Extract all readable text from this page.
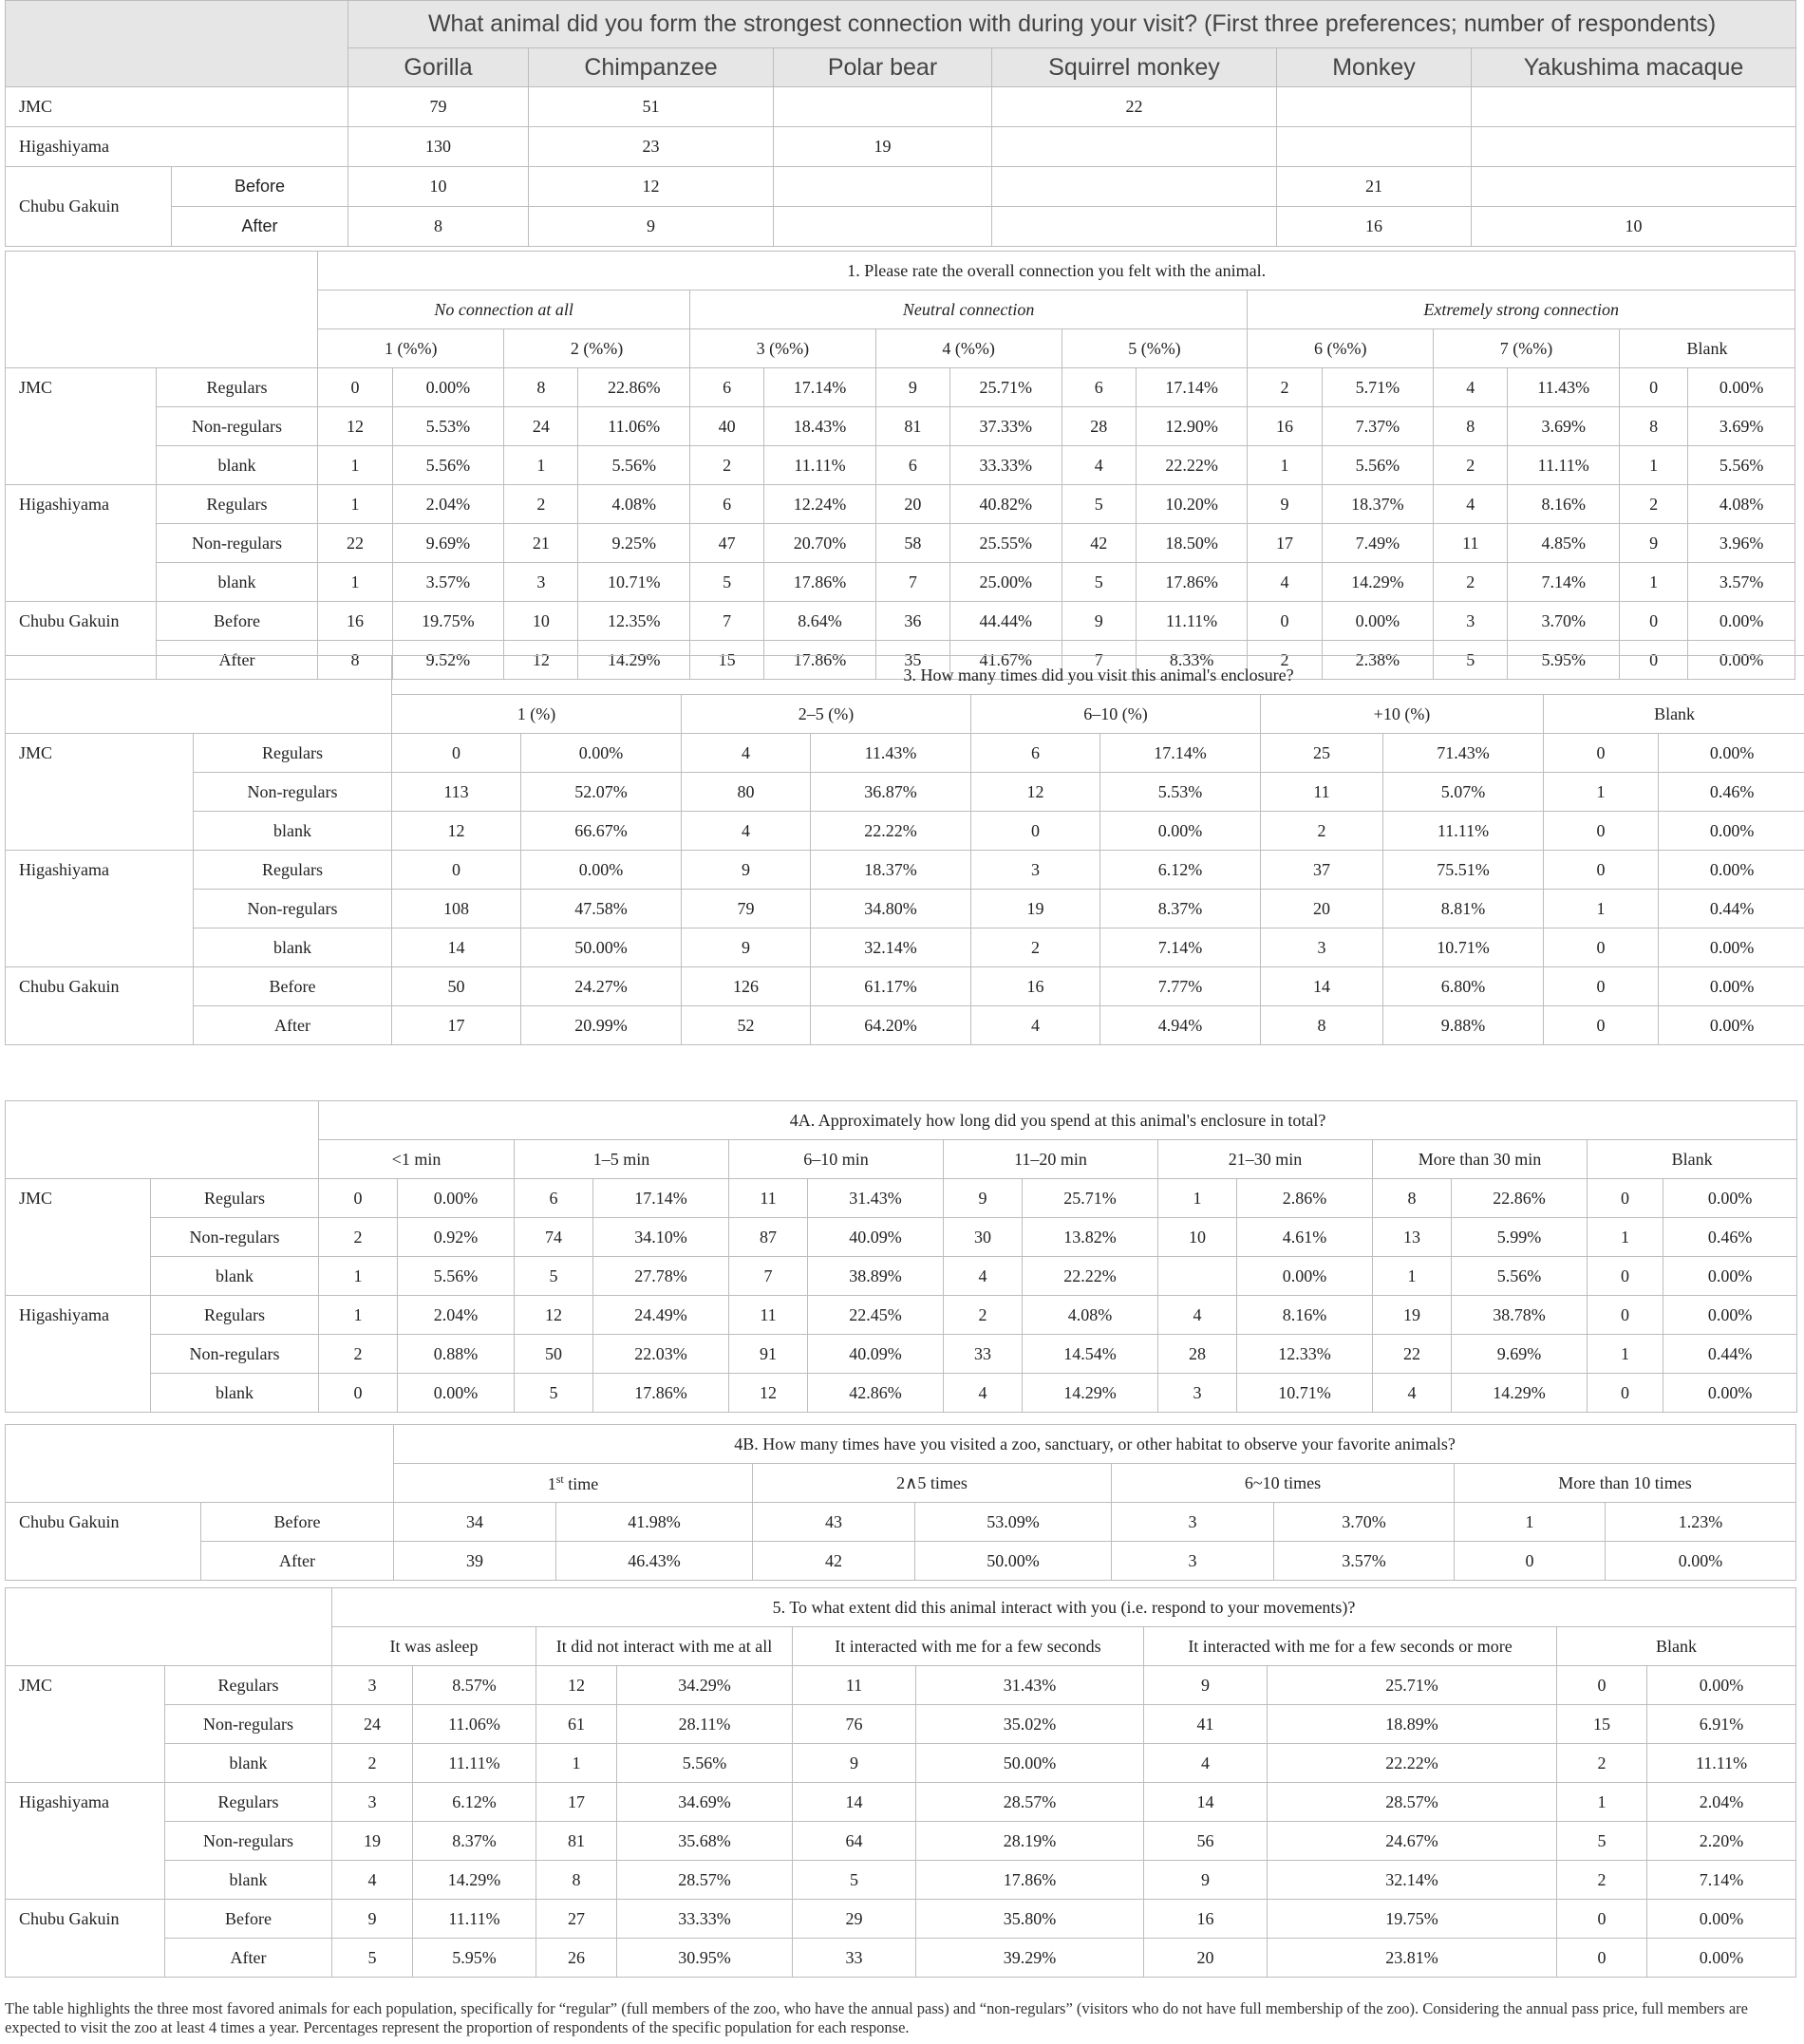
		What animal did you form the strongest connection with during your visit? (First three preferences; number of respondents)					
		Gorilla	Chimpanzee	Polar bear	Squirrel monkey	Monkey	Yakushima macaque
JMC		79	51		22		
Higashiyama		130	23	19			
Chubu Gakuin	Before	10	12			21	
	After	8	9			16	10
		1. Please rate the overall connection you felt with the animal.															
		No connection at all				Neutral connection						Extremely strong connection					
		1 (%%)		2 (%%)		3 (%%)		4 (%%)		5 (%%)		6 (%%)		7 (%%)		Blank	
JMC	Regulars	0	0.00%	8	22.86%	6	17.14%	9	25.71%	6	17.14%	2	5.71%	4	11.43%	0	0.00%
	Non-regulars	12	5.53%	24	11.06%	40	18.43%	81	37.33%	28	12.90%	16	7.37%	8	3.69%	8	3.69%
	blank	1	5.56%	1	5.56%	2	11.11%	6	33.33%	4	22.22%	1	5.56%	2	11.11%	1	5.56%
Higashiyama	Regulars	1	2.04%	2	4.08%	6	12.24%	20	40.82%	5	10.20%	9	18.37%	4	8.16%	2	4.08%
	Non-regulars	22	9.69%	21	9.25%	47	20.70%	58	25.55%	42	18.50%	17	7.49%	11	4.85%	9	3.96%
	blank	1	3.57%	3	10.71%	5	17.86%	7	25.00%	5	17.86%	4	14.29%	2	7.14%	1	3.57%
Chubu Gakuin	Before	16	19.75%	10	12.35%	7	8.64%	36	44.44%	9	11.11%	0	0.00%	3	3.70%	0	0.00%
	After	8	9.52%	12	14.29%	15	17.86%	35	41.67%	7	8.33%	2	2.38%	5	5.95%	0	0.00%
		3. How many times did you visit this animal's enclosure?									
		1 (%)		2–5 (%)		6–10 (%)		+10 (%)		Blank	
JMC	Regulars	0	0.00%	4	11.43%	6	17.14%	25	71.43%	0	0.00%
	Non-regulars	113	52.07%	80	36.87%	12	5.53%	11	5.07%	1	0.46%
	blank	12	66.67%	4	22.22%	0	0.00%	2	11.11%	0	0.00%
Higashiyama	Regulars	0	0.00%	9	18.37%	3	6.12%	37	75.51%	0	0.00%
	Non-regulars	108	47.58%	79	34.80%	19	8.37%	20	8.81%	1	0.44%
	blank	14	50.00%	9	32.14%	2	7.14%	3	10.71%	0	0.00%
Chubu Gakuin	Before	50	24.27%	126	61.17%	16	7.77%	14	6.80%	0	0.00%
	After	17	20.99%	52	64.20%	4	4.94%	8	9.88%	0	0.00%
		4A. Approximately how long did you spend at this animal's enclosure in total?													
		<1 min		1–5 min		6–10 min		11–20 min		21–30 min		More than 30 min		Blank	
JMC	Regulars	0	0.00%	6	17.14%	11	31.43%	9	25.71%	1	2.86%	8	22.86%	0	0.00%
	Non-regulars	2	0.92%	74	34.10%	87	40.09%	30	13.82%	10	4.61%	13	5.99%	1	0.46%
	blank	1	5.56%	5	27.78%	7	38.89%	4	22.22%		0.00%	1	5.56%	0	0.00%
Higashiyama	Regulars	1	2.04%	12	24.49%	11	22.45%	2	4.08%	4	8.16%	19	38.78%	0	0.00%
	Non-regulars	2	0.88%	50	22.03%	91	40.09%	33	14.54%	28	12.33%	22	9.69%	1	0.44%
	blank	0	0.00%	5	17.86%	12	42.86%	4	14.29%	3	10.71%	4	14.29%	0	0.00%
		4B. How many times have you visited a zoo, sanctuary, or other habitat to observe your favorite animals?							
		1st time		2∧5 times		6~10 times		More than 10 times	
Chubu Gakuin	Before	34	41.98%	43	53.09%	3	3.70%	1	1.23%
	After	39	46.43%	42	50.00%	3	3.57%	0	0.00%
		5. To what extent did this animal interact with you (i.e. respond to your movements)?									
		It was asleep		It did not interact with me at all		It interacted with me for a few seconds		It interacted with me for a few seconds or more		Blank	
JMC	Regulars	3	8.57%	12	34.29%	11	31.43%	9	25.71%	0	0.00%
	Non-regulars	24	11.06%	61	28.11%	76	35.02%	41	18.89%	15	6.91%
	blank	2	11.11%	1	5.56%	9	50.00%	4	22.22%	2	11.11%
Higashiyama	Regulars	3	6.12%	17	34.69%	14	28.57%	14	28.57%	1	2.04%
	Non-regulars	19	8.37%	81	35.68%	64	28.19%	56	24.67%	5	2.20%
	blank	4	14.29%	8	28.57%	5	17.86%	9	32.14%	2	7.14%
Chubu Gakuin	Before	9	11.11%	27	33.33%	29	35.80%	16	19.75%	0	0.00%
	After	5	5.95%	26	30.95%	33	39.29%	20	23.81%	0	0.00%
The table highlights the three most favored animals for each population, specifically for “regular” (full members of the zoo, who have the annual pass) and “non-regulars” (visitors who do not have full membership of the zoo). Considering the annual pass price, full members are expected to visit the zoo at least 4 times a year. Percentages represent the proportion of respondents of the specific population for each response.
